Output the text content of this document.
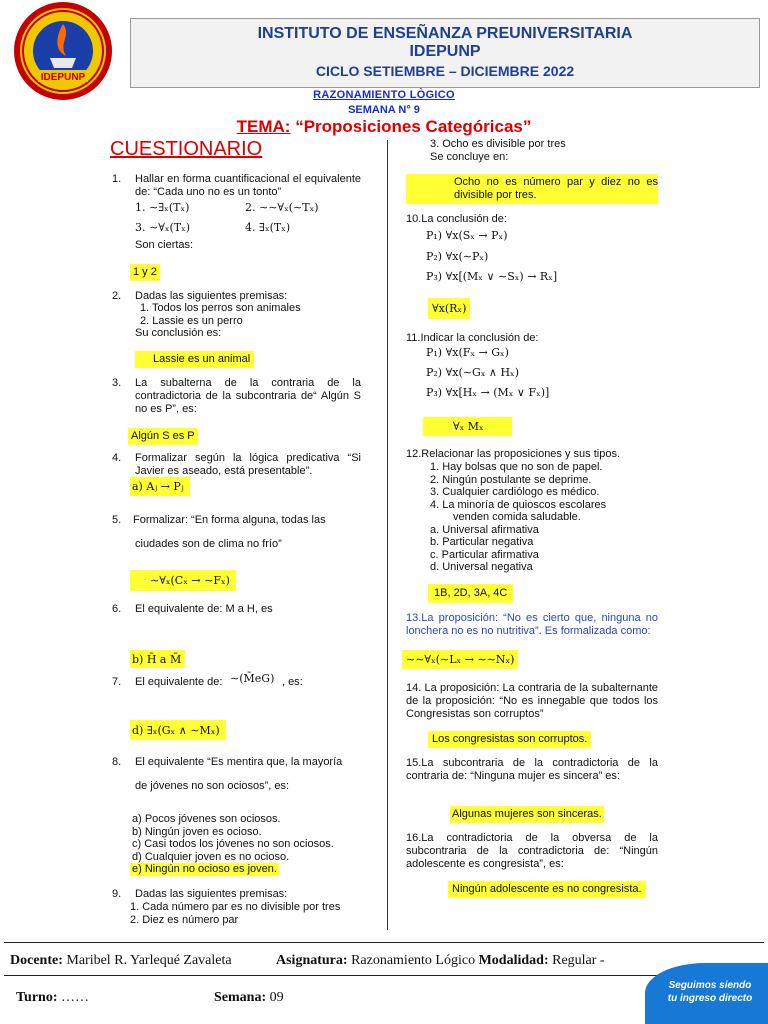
IDEPUNP
INSTITUTO DE ENSEÑANZA PREUNIVERSITARIA
IDEPUNP
CICLO SETIEMBRE – DICIEMBRE 2022
RAZONAMIENTO LÒGICO
SEMANA N° 9
TEMA: “Proposiciones Categóricas”
CUESTIONARIO
1. Hallar en forma cuantificacional el equivalente de: “Cada uno no es un tonto”
1. ∼∃ₓ(Tₓ)	2. ∼∼∀ₓ(∼Tₓ)
3. ∼∀ₓ(Tₓ)	4. ∃ₓ(Tₓ)
Son ciertas:
1 y 2
2. Dadas las siguientes premisas:
1. Todos los perros son animales
2. Lassie es un perro
Su conclusión es:
Lassie es un animal
3. La subalterna de la contraria de la contradictoria de la subcontraria de“ Algún S no es P”, es:
Algún S es P
4. Formalizar según la lógica predicativa “Si Javier es aseado, está presentable”.
a) Aⱼ → Pⱼ
5. Formalizar: “En forma alguna, todas las
ciudades son de clima no frío”
∼∀ₓ(Cₓ → ∼Fₓ)
6. El equivalente de: M a H, es
b) H̄ a M̄
7. El equivalente de: ∼(M̄eG) , es:
d) ∃ₓ(Gₓ ∧ ∼Mₓ)
8. El equivalente “Es mentira que, la mayoría
de jóvenes no son ociosos”, es:
a) Pocos jóvenes son ociosos.
b) Ningún joven es ocioso.
c) Casi todos los jóvenes no son ociosos.
d) Cualquier joven es no ocioso.
e) Ningún no ocioso es joven.
9. Dadas las siguientes premisas:
1. Cada número par es no divisible por tres
2. Diez es número par
3. Ocho es divisible por tres
Se concluye en:
Ocho no es número par y diez no es divisible por tres.
10.La conclusión de:
P₁) ∀x(Sₓ → Pₓ)
P₂) ∀x(∼Pₓ)
P₃) ∀x[(Mₓ ∨ ∼Sₓ) → Rₓ]
∀x(Rₓ)
11.Indicar la conclusión de:
P₁) ∀x(Fₓ → Gₓ)
P₂) ∀x(∼Gₓ ∧ Hₓ)
P₃) ∀x[Hₓ → (Mₓ ∨ Fₓ)]
∀ₓ Mₓ
12.Relacionar las proposiciones y sus tipos.
1. Hay bolsas que no son de papel.
2. Ningún postulante se deprime.
3. Cualquier cardiólogo es médico.
4. La minoría de quioscos escolares
venden comida saludable.
a. Universal afirmativa
b. Particular negativa
c. Particular afirmativa
d. Universal negativa
1B, 2D, 3A, 4C
13.La proposición: “No es cierto que, ninguna no lonchera no es no nutritiva”. Es formalizada como:
∼∼∀ₓ(∼Lₓ → ∼∼Nₓ)
14. La proposición: La contraria de la subalternante de la proposición: “No es innegable que todos los Congresistas son corruptos”
Los congresistas son corruptos.
15.La subcontraria de la contradictoria de la contraria de: “Ninguna mujer es sincera” es:
Algunas mujeres son sinceras.
16.La contradictoria de la obversa de la subcontraria de la contradictoria de: “Ningún adolescente es congresista”, es:
Ningún adolescente es no congresista.
Docente: Maribel R. Yarlequé Zavaleta	Asignatura: Razonamiento Lógico Modalidad: Regular -
Turno: ……	Semana: 09
Seguimos siendo
tu ingreso directo
